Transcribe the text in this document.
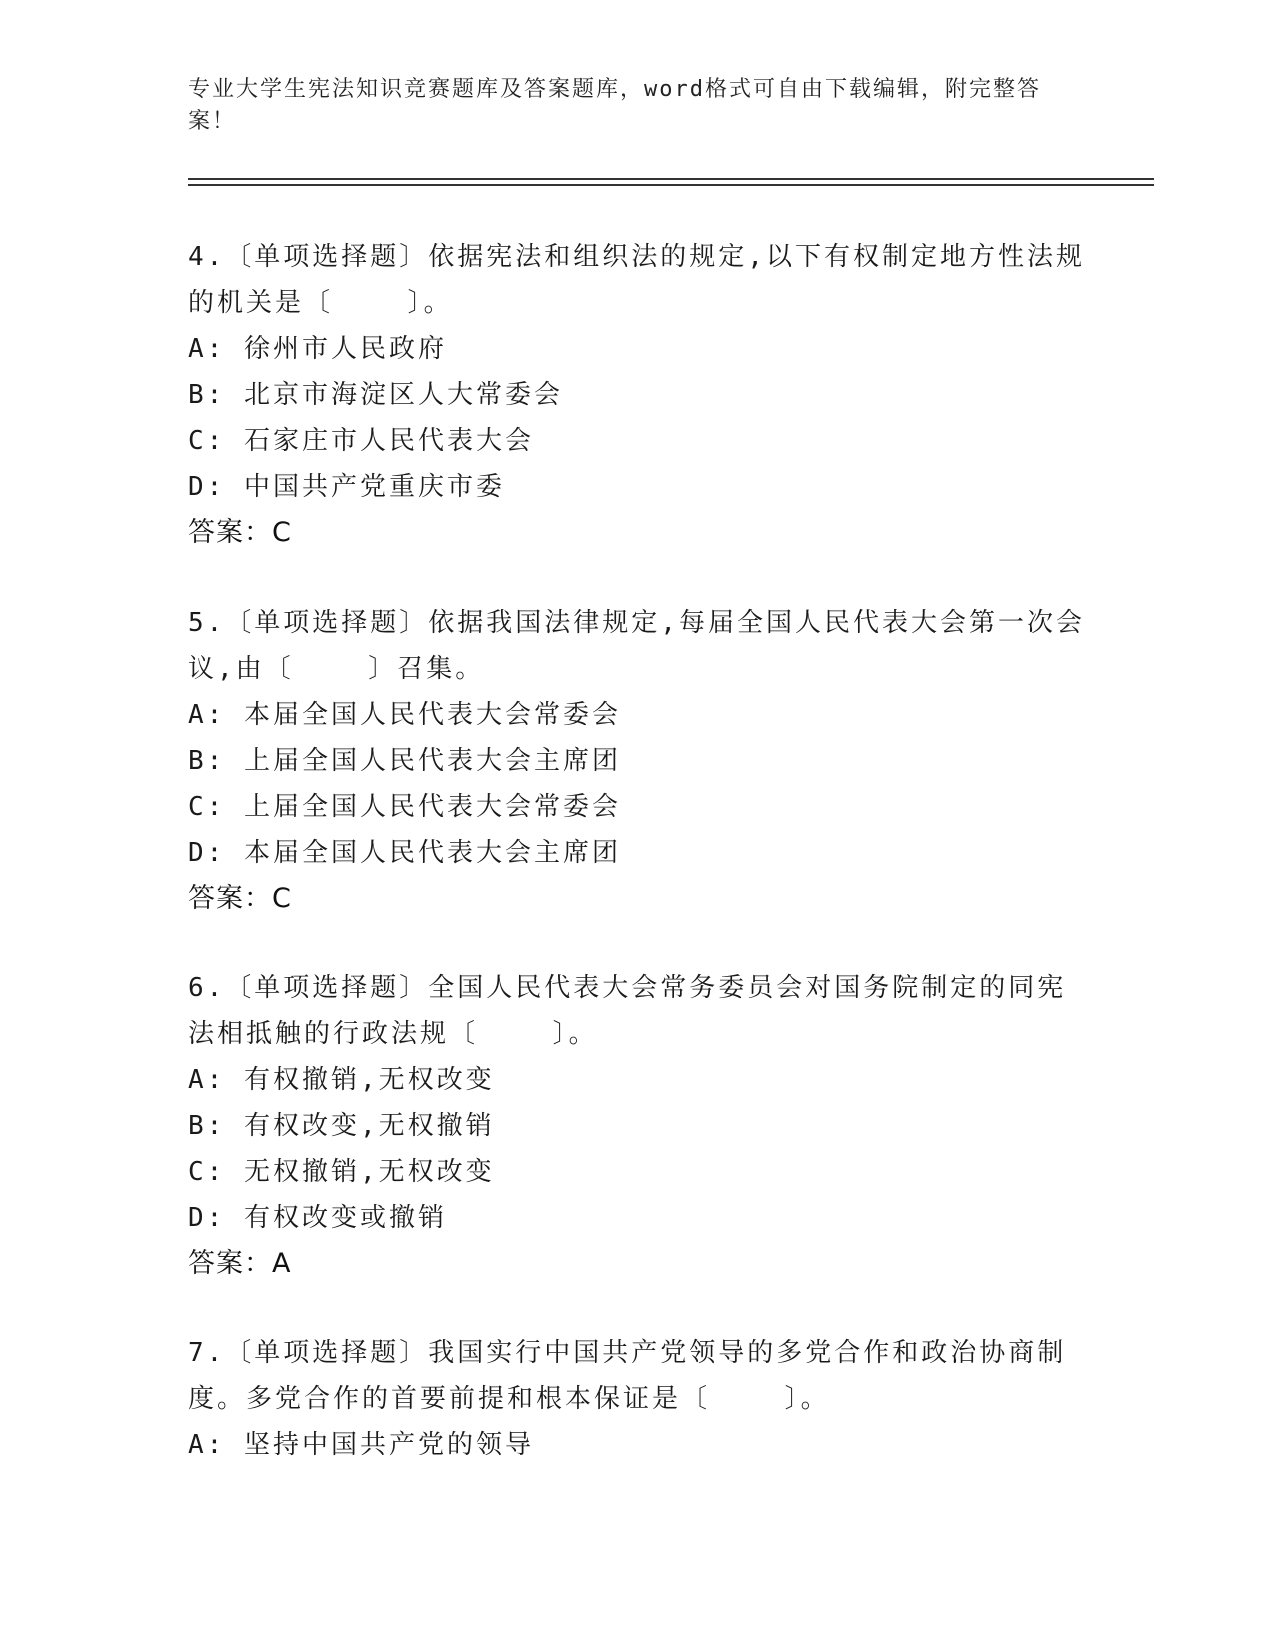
专业大学生宪法知识竞赛题库及答案题库，word格式可自由下载编辑，附完整答
案！
4.〔单项选择题〕依据宪法和组织法的规定,以下有权制定地方性法规
的机关是〔    〕。
A: 徐州市人民政府
B: 北京市海淀区人大常委会
C: 石家庄市人民代表大会
D: 中国共产党重庆市委
答案：C
5.〔单项选择题〕依据我国法律规定,每届全国人民代表大会第一次会
议,由〔    〕召集。
A: 本届全国人民代表大会常委会
B: 上届全国人民代表大会主席团
C: 上届全国人民代表大会常委会
D: 本届全国人民代表大会主席团
答案：C
6.〔单项选择题〕全国人民代表大会常务委员会对国务院制定的同宪
法相抵触的行政法规〔    〕。
A: 有权撤销,无权改变
B: 有权改变,无权撤销
C: 无权撤销,无权改变
D: 有权改变或撤销
答案：A
7.〔单项选择题〕我国实行中国共产党领导的多党合作和政治协商制
度。多党合作的首要前提和根本保证是〔    〕。
A: 坚持中国共产党的领导
